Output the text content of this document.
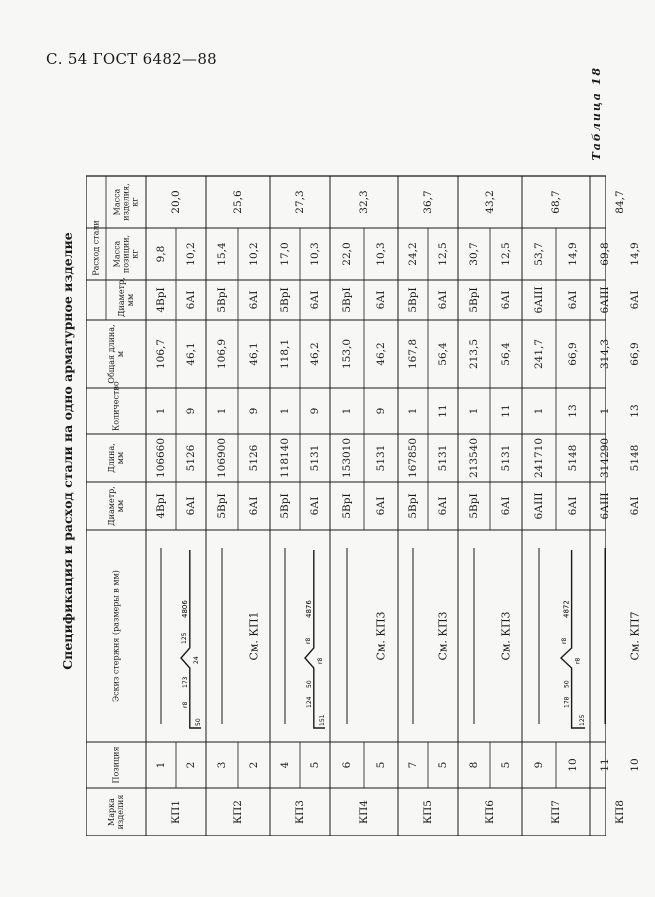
С. 54 ГОСТ 6482—88
Спецификация и расход стали на одно арматурное изделие
Таблица 18
4806
125
r8
50
173
24
4876
r8
124
151
50
r8
4872
r8
178
125
50
r8
Марка изделия
Позиция
Эскиз стержня (размеры в мм)
Диаметр, мм
Длина, мм
Количество
Общая длина, м
Расход стали
Диаметр, мм
Масса позиции, кг
Масса изделия, кг
1
4ВрI
106660
1
106,7
4ВрI
9,8
2
6АI
5126
9
46,1
6АI
10,2
3
5ВрI
106900
1
106,9
5ВрI
15,4
2
См. КП1
6АI
5126
9
46,1
6АI
10,2
4
5ВрI
118140
1
118,1
5ВрI
17,0
5
6АI
5131
9
46,2
6АI
10,3
6
5ВрI
153010
1
153,0
5ВрI
22,0
5
См. КП3
6АI
5131
9
46,2
6АI
10,3
7
5ВрI
167850
1
167,8
5ВрI
24,2
5
См. КП3
6АI
5131
11
56,4
6АI
12,5
8
5ВрI
213540
1
213,5
5ВрI
30,7
5
См. КП3
6АI
5131
11
56,4
6АI
12,5
9
6АIII
241710
1
241,7
6АIII
53,7
10
6АI
5148
13
66,9
6АI
14,9
11
6АIII
314290
1
314,3
6АIII
69,8
10
См. КП7
6АI
5148
13
66,9
6АI
14,9
КП1
20,0
КП2
25,6
КП3
27,3
КП4
32,3
КП5
36,7
КП6
43,2
КП7
68,7
КП8
84,7
